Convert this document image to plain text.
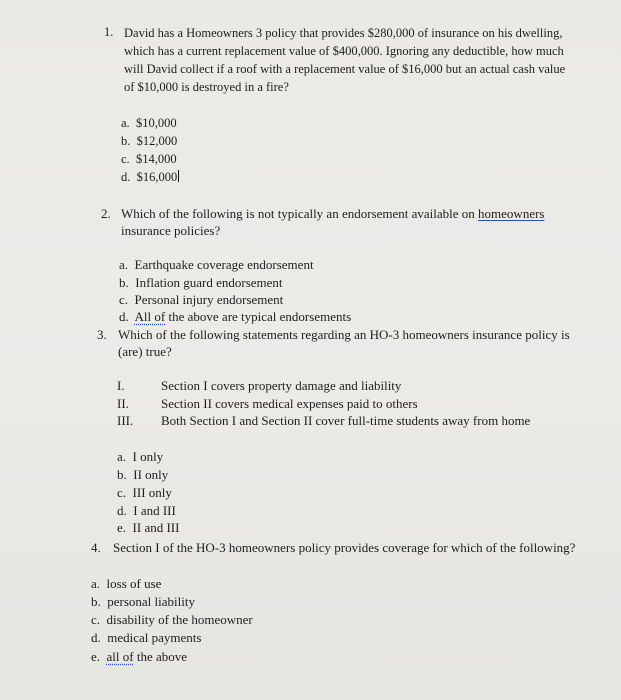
1. David has a Homeowners 3 policy that provides $280,000 of insurance on his dwelling,
which has a current replacement value of $400,000. Ignoring any deductible, how much
will David collect if a roof with a replacement value of $16,000 but an actual cash value
of $10,000 is destroyed in a fire?
a. $10,000
b. $12,000
c. $14,000
d. $16,000
2. Which of the following is not typically an endorsement available on homeowners
insurance policies?
a. Earthquake coverage endorsement
b. Inflation guard endorsement
c. Personal injury endorsement
d. All of the above are typical endorsements
3. Which of the following statements regarding an HO-3 homeowners insurance policy is
(are) true?
I.	Section I covers property damage and liability
II. Section II covers medical expenses paid to others
III. Both Section I and Section II cover full-time students away from home
a. I only
b. II only
c. III only
d. I and III
e. II and III
4. Section I of the HO-3 homeowners policy provides coverage for which of the following?
a. loss of use
b. personal liability
c. disability of the homeowner
d. medical payments
e. all of the above
